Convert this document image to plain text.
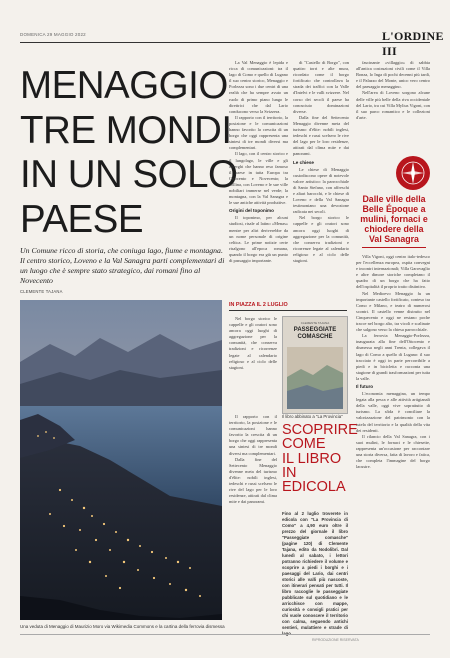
DOMENICA 29 MAGGIO 2022	L'ORDINE III
MENAGGIO
TRE MONDI
IN UN SOLO
PAESE
Un Comune ricco di storia, che coniuga lago, fiume e montagna. Il centro storico, Loveno e la Val Sanagra parti complementari di un luogo che è sempre stato strategico, dai romani fino al Novecento
CLEMENTE TAJANA
Una veduta di Menaggio di Maurizio Moro via Wikimedia Commons e la cartina della ferrovia dismessa

La Val Menaggio è lepida e ricca di comunicazioni: tra il lago di Como e quello di Lugano il suo centro storico, Menaggio e Porlezza sono i due centri di una realtà che ha sempre avuto un ruolo di primo piano lungo le direttrici che dal Lario conducono verso la Svizzera.

Il rapporto con il territorio, la posizione e le comunicazioni hanno favorito la crescita di un borgo che oggi rappresenta una sintesi di tre mondi diversi ma complementari.

Il lago, con il centro storico e il lungolago, le ville e gli alberghi che hanno reso famoso il paese in tutta Europa tra Ottocento e Novecento; la collina, con Loveno e le sue ville nobiliari immerse nel verde; la montagna, con la Val Sanagra e le sue antiche attività produttive.

Origini del toponimo

Il toponimo, per alcuni studiosi, risale al latino «Menas» mentre per altri deriverebbe da un nome personale di origine celtica. Le prime notizie certe risalgono all'epoca romana, quando il borgo era già un punto di passaggio importante.

di "Castello di Borgo", con quattro torri e alte mura, ricordato come il borgo fortificato che controllava la strada dei traffici con la Valle d'Intelvi e le valli svizzere. Nel corso dei secoli il paese ha conosciuto dominazioni diverse.

Dalla fine del Settecento Menaggio divenne meta del turismo d'élite: nobili inglesi, tedeschi e russi scelsero le rive del lago per le loro residenze, attirati dal clima mite e dai panorami.

Le chiese

Le chiese di Menaggio custodiscono opere di notevole valore artistico: la parrocchiale di Santo Stefano, con affreschi e altari barocchi, e le chiese di Loveno e della Val Sanagra testimoniano una devozione radicata nei secoli.

Nel borgo storico le cappelle e gli oratori sono ancora oggi luoghi di aggregazione per la comunità, che conserva tradizioni e ricorrenze legate al calendario religioso e al ciclo delle stagioni.

fascinante «villaggio» di sabbia all'antica costruzioni civili come il Villa Bonza, lo Inga di pochi decenni più tardi, e il Palazzo del Monte, unico vero centro del paesaggio menaggino.

Nell'area di Loveno sorgono alcune delle ville più belle della riva occidentale del Lario, tra cui Villa Mylius Vigoni, con il suo parco romantico e le collezioni d'arte.

Dalle ville della Belle Époque a mulini, fornaci e chiodere della Val Sanagra

Villa Vigoni, oggi centro italo-tedesco per l'eccellenza europea, ospita convegni e incontri internazionali; Villa Garovaglio e altre dimore storiche completano il quadro di un borgo che ha fatto dell'ospitalità il proprio tratto distintivo.

Nel Medioevo Menaggio fu un importante castello fortificato, conteso tra Como e Milano, e teatro di numerosi scontri. Il castello venne distrutto nel Cinquecento e oggi ne restano poche tracce nel borgo alto, tra vicoli e scalinate che salgono verso la chiesa parrocchiale.

La ferrovia Menaggio-Porlezza, inaugurata alla fine dell'Ottocento e dismessa negli anni Trenta, collegava il lago di Como a quello di Lugano: il suo tracciato è oggi in parte percorribile a piedi e in bicicletta e racconta una stagione di grandi trasformazioni per tutta la valle.

Il futuro

L'economia menaggina, un tempo legata alla pesca e alle attività artigianali della valle, oggi vive soprattutto di turismo. La sfida è conciliare la valorizzazione del patrimonio con la tutela del territorio e la qualità della vita dei residenti.

Il rilancio della Val Sanagra, con i suoi mulini, le fornaci e le chiesette, rappresenta un'occasione per raccontare una storia diversa, fatta di lavoro e fatica, che completa l'immagine del borgo lacustre.

IN PIAZZA IL 2 LUGLIO

Nel borgo storico le cappelle e gli oratori sono ancora oggi luoghi di aggregazione per la comunità, che conserva tradizioni e ricorrenze legate al calendario religioso e al ciclo delle stagioni.

CLEMENTE TAJANA
PASSEGGIATE COMASCHE
Il libro abbinato a "La Provincia"
SCOPRIRE
COME
IL LIBRO
IN EDICOLA

Il rapporto con il territorio, la posizione e le comunicazioni hanno favorito la crescita di un borgo che oggi rappresenta una sintesi di tre mondi diversi ma complementari.

Dalla fine del Settecento Menaggio divenne meta del turismo d'élite: nobili inglesi, tedeschi e russi scelsero le rive del lago per le loro residenze, attirati dal clima mite e dai panorami.

Fino al 2 luglio troverete in edicola con "La Provincia di Como" a 4,90 euro oltre il prezzo del giornale il libro "Passeggiate comasche" (pagine 120) di Clemente Tajana, edito da Nodolibri. Dal lunedì al sabato, i lettori potranno richiedere il volume e scoprire a piedi i borghi e i paesaggi del Lario, dai centri storici alle valli più nascoste, con itinerari pensati per tutti. Il libro raccoglie le passeggiate pubblicate sul quotidiano e le arricchisce con mappe, curiosità e consigli pratici per chi vuole conoscere il territorio con calma, seguendo antichi sentieri, mulattiere e strade di lago.
RIPRODUZIONE RISERVATA
